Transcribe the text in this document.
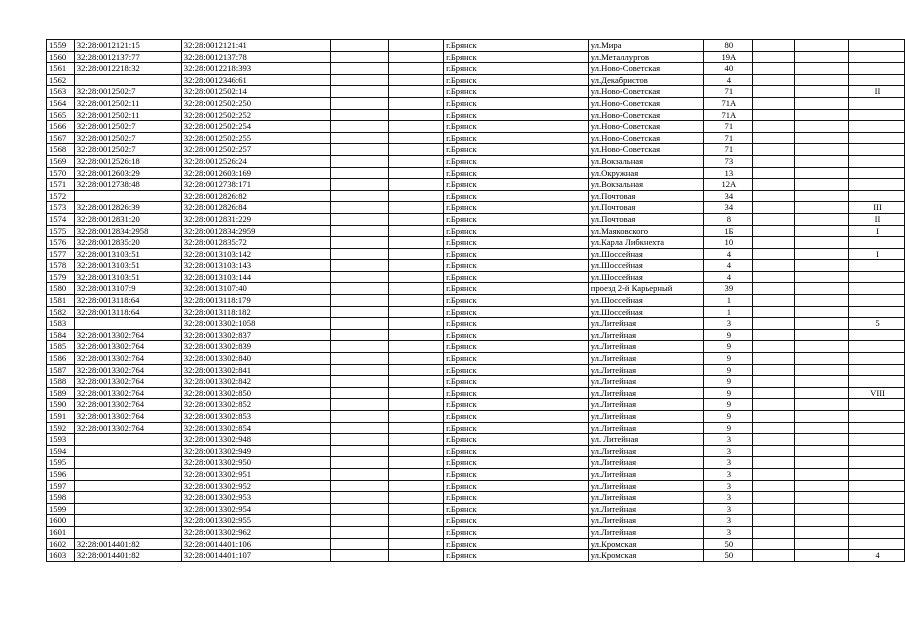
1559	32:28:0012121:15	32:28:0012121:41			г.Брянск	ул.Мира	80			
1560	32:28:0012137:77	32:28:0012137:78			г.Брянск	ул.Металлургов	19А			
1561	32:28:0012218:32	32:28:0012218:393			г.Брянск	ул.Ново-Советская	40			
1562		32:28:0012346:61			г.Брянск	ул.Декабристов	4			
1563	32:28:0012502:7	32:28:0012502:14			г.Брянск	ул.Ново-Советская	71			II
1564	32:28:0012502:11	32:28:0012502:250			г.Брянск	ул.Ново-Советская	71А			
1565	32:28:0012502:11	32:28:0012502:252			г.Брянск	ул.Ново-Советская	71А			
1566	32:28:0012502:7	32:28:0012502:254			г.Брянск	ул.Ново-Советская	71			
1567	32:28:0012502:7	32:28:0012502:255			г.Брянск	ул.Ново-Советская	71			
1568	32:28:0012502:7	32:28:0012502:257			г.Брянск	ул.Ново-Советская	71			
1569	32:28:0012526:18	32:28:0012526:24			г.Брянск	ул.Вокзальная	73			
1570	32:28:0012603:29	32:28:0012603:169			г.Брянск	ул.Окружная	13			
1571	32:28:0012738:48	32:28:0012738:171			г.Брянск	ул.Вокзальная	12А			
1572		32:28:0012826:82			г.Брянск	ул.Почтовая	34			
1573	32:28:0012826:39	32:28:0012826:84			г.Брянск	ул.Почтовая	34			III
1574	32:28:0012831:20	32:28:0012831:229			г.Брянск	ул.Почтовая	8			II
1575	32:28:0012834:2958	32:28:0012834:2959			г.Брянск	ул.Маяковского	1Б			I
1576	32:28:0012835:20	32:28:0012835:72			г.Брянск	ул.Карла Либкнехта	10			
1577	32:28:0013103:51	32:28:0013103:142			г.Брянск	ул.Шоссейная	4			I
1578	32:28:0013103:51	32:28:0013103:143			г.Брянск	ул.Шоссейная	4			
1579	32:28:0013103:51	32:28:0013103:144			г.Брянск	ул.Шоссейная	4			
1580	32:28:0013107:9	32:28:0013107:40			г.Брянск	проезд 2-й Карьерный	39			
1581	32:28:0013118:64	32:28:0013118:179			г.Брянск	ул.Шоссейная	1			
1582	32:28:0013118:64	32:28:0013118:182			г.Брянск	ул.Шоссейная	1			
1583		32:28:0013302:1058			г.Брянск	ул.Литейная	3			5
1584	32:28:0013302:764	32:28:0013302:837			г.Брянск	ул.Литейная	9			
1585	32:28:0013302:764	32:28:0013302:839			г.Брянск	ул.Литейная	9			
1586	32:28:0013302:764	32:28:0013302:840			г.Брянск	ул.Литейная	9			
1587	32:28:0013302:764	32:28:0013302:841			г.Брянск	ул.Литейная	9			
1588	32:28:0013302:764	32:28:0013302:842			г.Брянск	ул.Литейная	9			
1589	32:28:0013302:764	32:28:0013302:850			г.Брянск	ул.Литейная	9			VIII
1590	32:28:0013302:764	32:28:0013302:852			г.Брянск	ул.Литейная	9			
1591	32:28:0013302:764	32:28:0013302:853			г.Брянск	ул.Литейная	9			
1592	32:28:0013302:764	32:28:0013302:854			г.Брянск	ул.Литейная	9			
1593		32:28:0013302:948			г.Брянск	ул. Литейная	3			
1594		32:28:0013302:949			г.Брянск	ул.Литейная	3			
1595		32:28:0013302:950			г.Брянск	ул.Литейная	3			
1596		32:28:0013302:951			г.Брянск	ул.Литейная	3			
1597		32:28:0013302:952			г.Брянск	ул.Литейная	3			
1598		32:28:0013302:953			г.Брянск	ул.Литейная	3			
1599		32:28:0013302:954			г.Брянск	ул.Литейная	3			
1600		32:28:0013302:955			г.Брянск	ул.Литейная	3			
1601		32:28:0013302:962			г.Брянск	ул.Литейная	3			
1602	32:28:0014401:82	32:28:0014401:106			г.Брянск	ул.Кромская	50			
1603	32:28:0014401:82	32:28:0014401:107			г.Брянск	ул.Кромская	50			4
